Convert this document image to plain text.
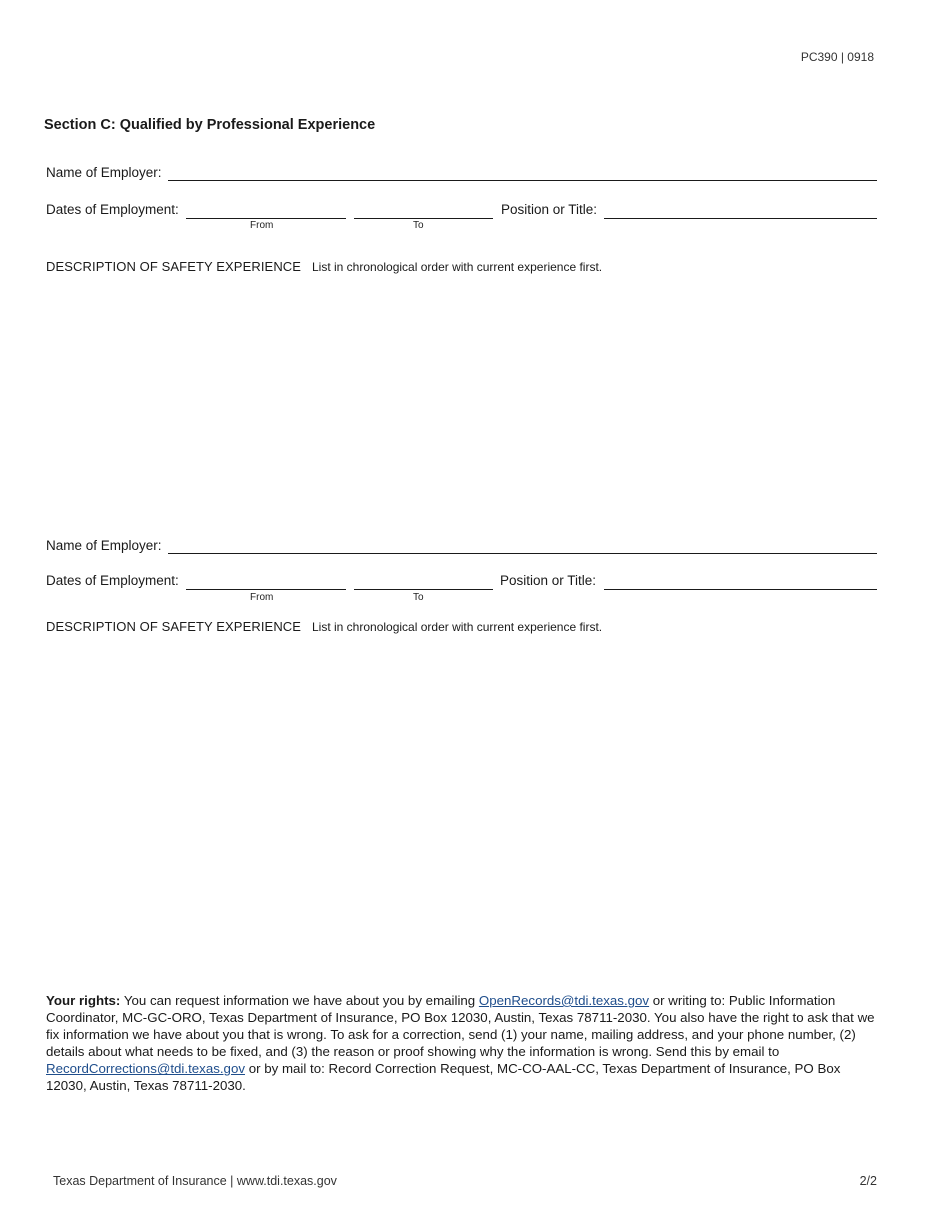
PC390 | 0918
Section C: Qualified by Professional Experience
Name of Employer:
Dates of Employment:
From	To
Position or Title:
DESCRIPTION OF SAFETY EXPERIENCE List in chronological order with current experience first.
Name of Employer:
Dates of Employment:
From	To
Position or Title:
DESCRIPTION OF SAFETY EXPERIENCE List in chronological order with current experience first.
Your rights: You can request information we have about you by emailing OpenRecords@tdi.texas.gov or writing to: Public Information Coordinator, MC-GC-ORO, Texas Department of Insurance, PO Box 12030, Austin, Texas 78711-2030. You also have the right to ask that we fix information we have about you that is wrong. To ask for a correction, send (1) your name, mailing address, and your phone number, (2) details about what needs to be fixed, and (3) the reason or proof showing why the information is wrong. Send this by email to RecordCorrections@tdi.texas.gov or by mail to: Record Correction Request, MC-CO-AAL-CC, Texas Department of Insurance, PO Box 12030, Austin, Texas 78711-2030.
Texas Department of Insurance | www.tdi.texas.gov	2/2
